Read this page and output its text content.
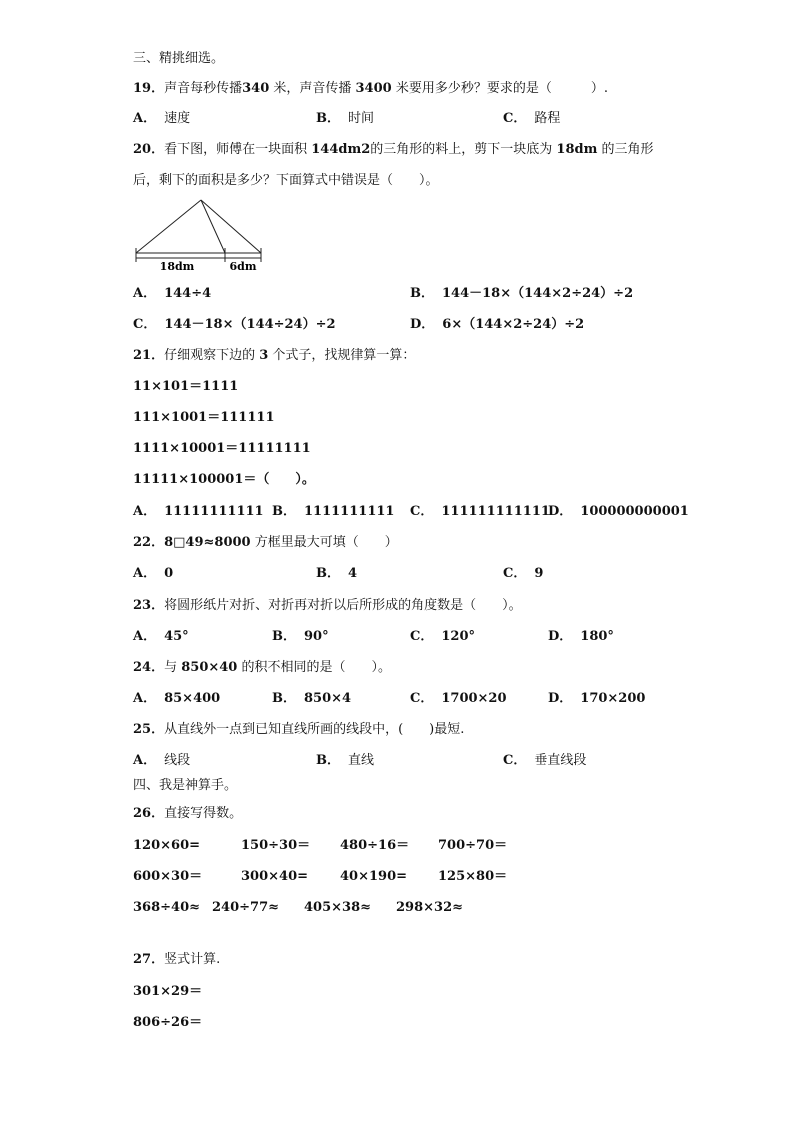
三、精挑细选。
19．声音每秒传播340 米，声音传播 3400 米要用多少秒？要求的是（　　　）.
A． 速度	B． 时间	C． 路程
20．看下图，师傅在一块面积 144dm2的三角形的料上，剪下一块底为 18dm 的三角形
后，剩下的面积是多少？下面算式中错误是（　　）。
18dm	6dm
A． 144÷4	B． 144－18×（144×2÷24）÷2
C． 144－18×（144÷24）÷2	D． 6×（144×2÷24）÷2
21．仔细观察下边的 3 个式子，找规律算一算：
11×101＝1111
111×1001＝111111
1111×10001＝11111111
11111×100001＝（　　）。
A． 11111111111 B． 1111111111 C． 111111111111
D． 100000000001
22．8□49≈8000 方框里最大可填（　　）
A． 0	B． 4	C． 9
23．将圆形纸片对折、对折再对折以后所形成的角度数是（　　）。
A． 45°	B． 90°	C． 120°	D． 180°
24．与 850×40 的积不相同的是（　　）。
A． 85×400	B． 850×4	C． 1700×20	D． 170×200
25．从直线外一点到已知直线所画的线段中，(　　)最短.
A． 线段	B． 直线	C． 垂直线段
四、我是神算手。
26．直接写得数。
120×60=	150÷30＝ 480÷16＝ 700÷70＝
600×30＝	300×40= 40×190= 125×80＝
368÷40≈ 240÷77≈ 405×38≈ 298×32≈
27．竖式计算.
301×29＝
806÷26＝
